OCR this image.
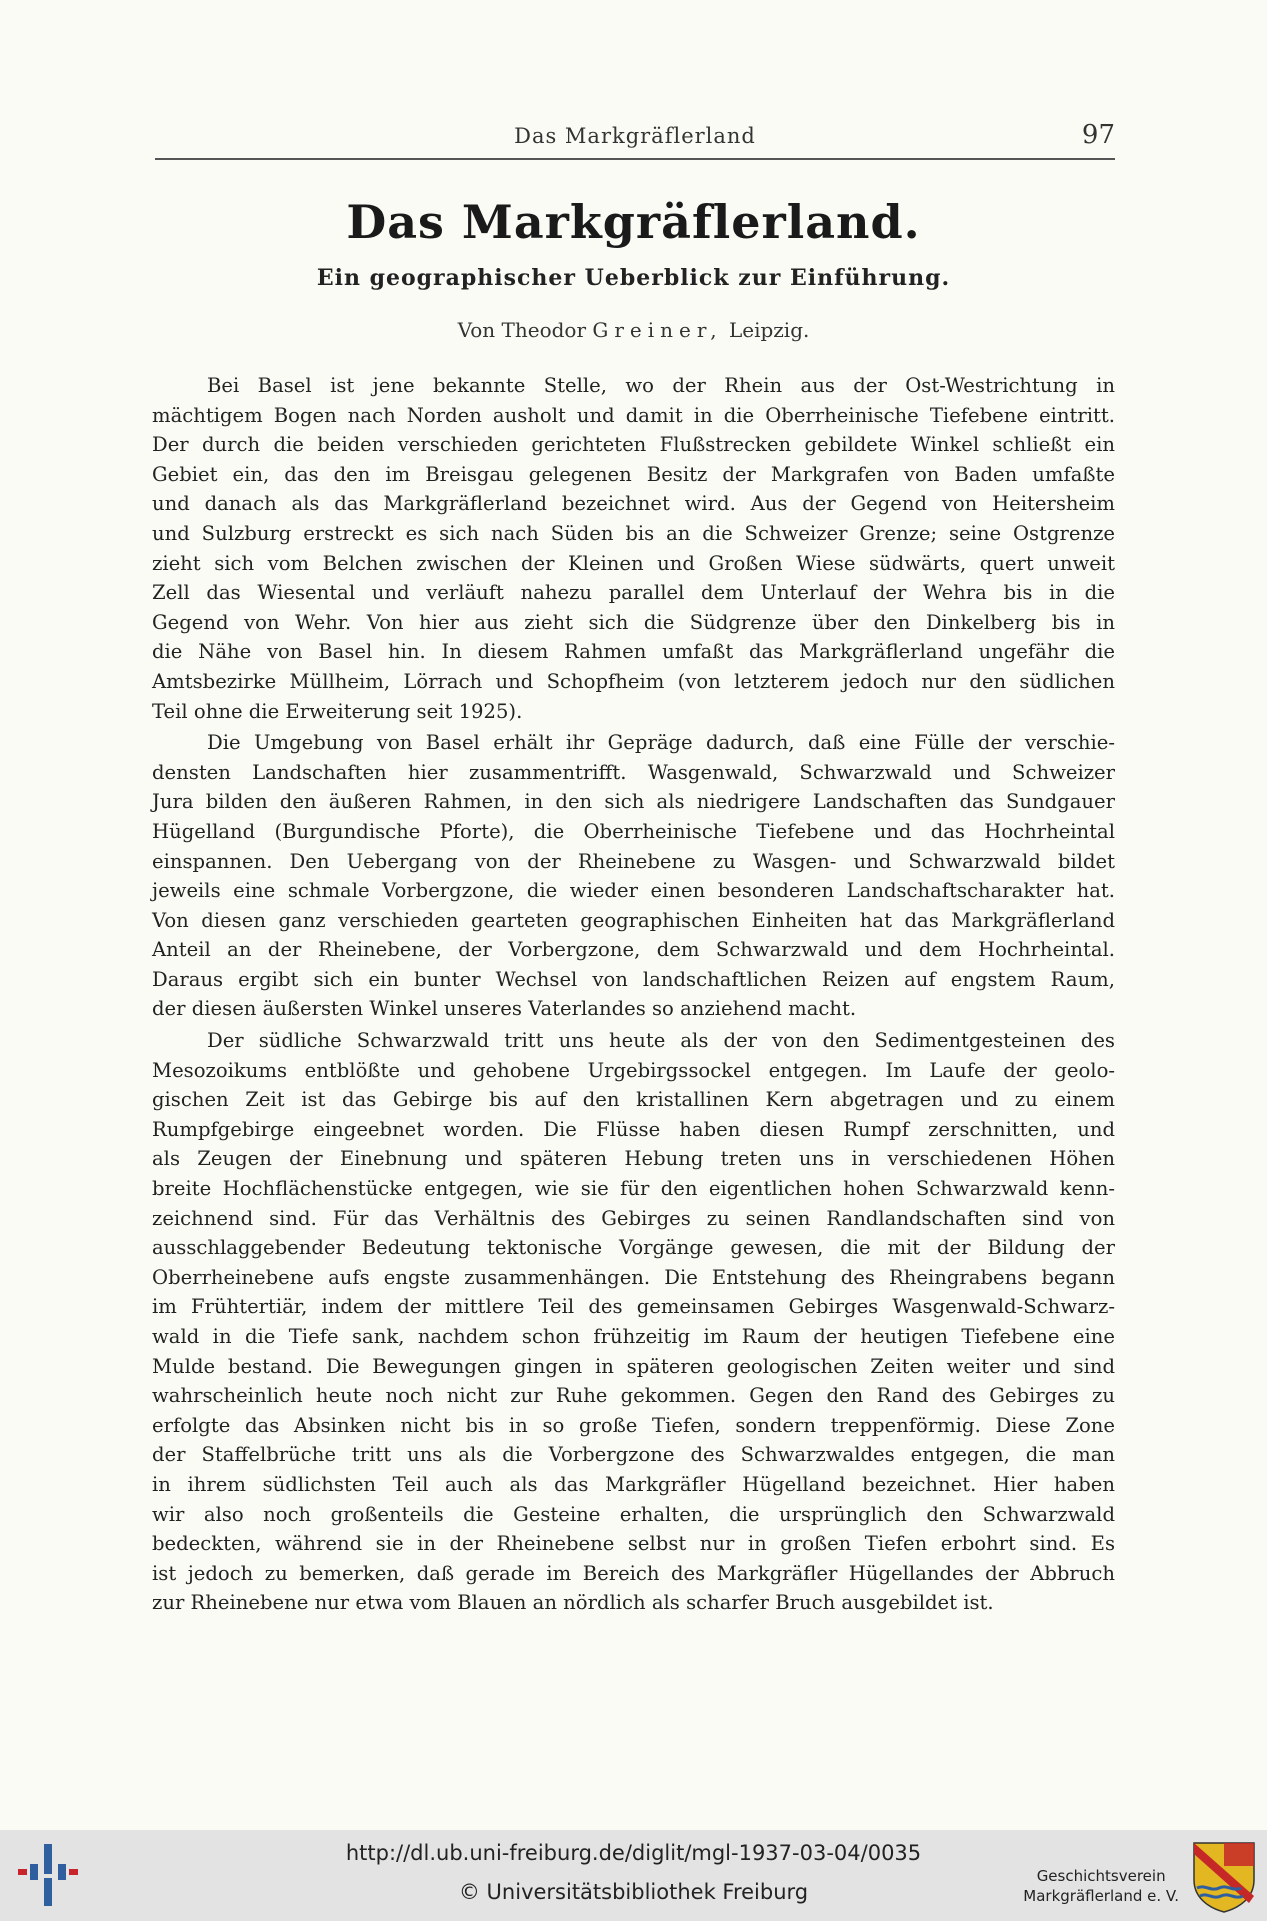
Das Markgräflerland	97
Das Markgräflerland.
Ein geographischer Ueberblick zur Einführung.
Von Theodor Greiner, Leipzig.
Bei Basel ist jene bekannte Stelle, wo der Rhein aus der Ost-Westrichtung in
mächtigem Bogen nach Norden ausholt und damit in die Oberrheinische Tiefebene eintritt.
Der durch die beiden verschieden gerichteten Flußstrecken gebildete Winkel schließt ein
Gebiet ein, das den im Breisgau gelegenen Besitz der Markgrafen von Baden umfaßte
und danach als das Markgräflerland bezeichnet wird. Aus der Gegend von Heitersheim
und Sulzburg erstreckt es sich nach Süden bis an die Schweizer Grenze; seine Ostgrenze
zieht sich vom Belchen zwischen der Kleinen und Großen Wiese südwärts, quert unweit
Zell das Wiesental und verläuft nahezu parallel dem Unterlauf der Wehra bis in die
Gegend von Wehr. Von hier aus zieht sich die Südgrenze über den Dinkelberg bis in
die Nähe von Basel hin. In diesem Rahmen umfaßt das Markgräflerland ungefähr die
Amtsbezirke Müllheim, Lörrach und Schopfheim (von letzterem jedoch nur den südlichen
Teil ohne die Erweiterung seit 1925).
Die Umgebung von Basel erhält ihr Gepräge dadurch, daß eine Fülle der verschie-
densten Landschaften hier zusammentrifft. Wasgenwald, Schwarzwald und Schweizer
Jura bilden den äußeren Rahmen, in den sich als niedrigere Landschaften das Sundgauer
Hügelland (Burgundische Pforte), die Oberrheinische Tiefebene und das Hochrheintal
einspannen. Den Uebergang von der Rheinebene zu Wasgen- und Schwarzwald bildet
jeweils eine schmale Vorbergzone, die wieder einen besonderen Landschaftscharakter hat.
Von diesen ganz verschieden gearteten geographischen Einheiten hat das Markgräflerland
Anteil an der Rheinebene, der Vorbergzone, dem Schwarzwald und dem Hochrheintal.
Daraus ergibt sich ein bunter Wechsel von landschaftlichen Reizen auf engstem Raum,
der diesen äußersten Winkel unseres Vaterlandes so anziehend macht.
Der südliche Schwarzwald tritt uns heute als der von den Sedimentgesteinen des
Mesozoikums entblößte und gehobene Urgebirgssockel entgegen. Im Laufe der geolo-
gischen Zeit ist das Gebirge bis auf den kristallinen Kern abgetragen und zu einem
Rumpfgebirge eingeebnet worden. Die Flüsse haben diesen Rumpf zerschnitten, und
als Zeugen der Einebnung und späteren Hebung treten uns in verschiedenen Höhen
breite Hochflächenstücke entgegen, wie sie für den eigentlichen hohen Schwarzwald kenn-
zeichnend sind. Für das Verhältnis des Gebirges zu seinen Randlandschaften sind von
ausschlaggebender Bedeutung tektonische Vorgänge gewesen, die mit der Bildung der
Oberrheinebene aufs engste zusammenhängen. Die Entstehung des Rheingrabens begann
im Frühtertiär, indem der mittlere Teil des gemeinsamen Gebirges Wasgenwald-Schwarz-
wald in die Tiefe sank, nachdem schon frühzeitig im Raum der heutigen Tiefebene eine
Mulde bestand. Die Bewegungen gingen in späteren geologischen Zeiten weiter und sind
wahrscheinlich heute noch nicht zur Ruhe gekommen. Gegen den Rand des Gebirges zu
erfolgte das Absinken nicht bis in so große Tiefen, sondern treppenförmig. Diese Zone
der Staffelbrüche tritt uns als die Vorbergzone des Schwarzwaldes entgegen, die man
in ihrem südlichsten Teil auch als das Markgräfler Hügelland bezeichnet. Hier haben
wir also noch großenteils die Gesteine erhalten, die ursprünglich den Schwarzwald
bedeckten, während sie in der Rheinebene selbst nur in großen Tiefen erbohrt sind. Es
ist jedoch zu bemerken, daß gerade im Bereich des Markgräfler Hügellandes der Abbruch
zur Rheinebene nur etwa vom Blauen an nördlich als scharfer Bruch ausgebildet ist.
http://dl.ub.uni-freiburg.de/diglit/mgl-1937-03-04/0035
© Universitätsbibliothek Freiburg
Geschichtsverein
Markgräflerland e. V.
